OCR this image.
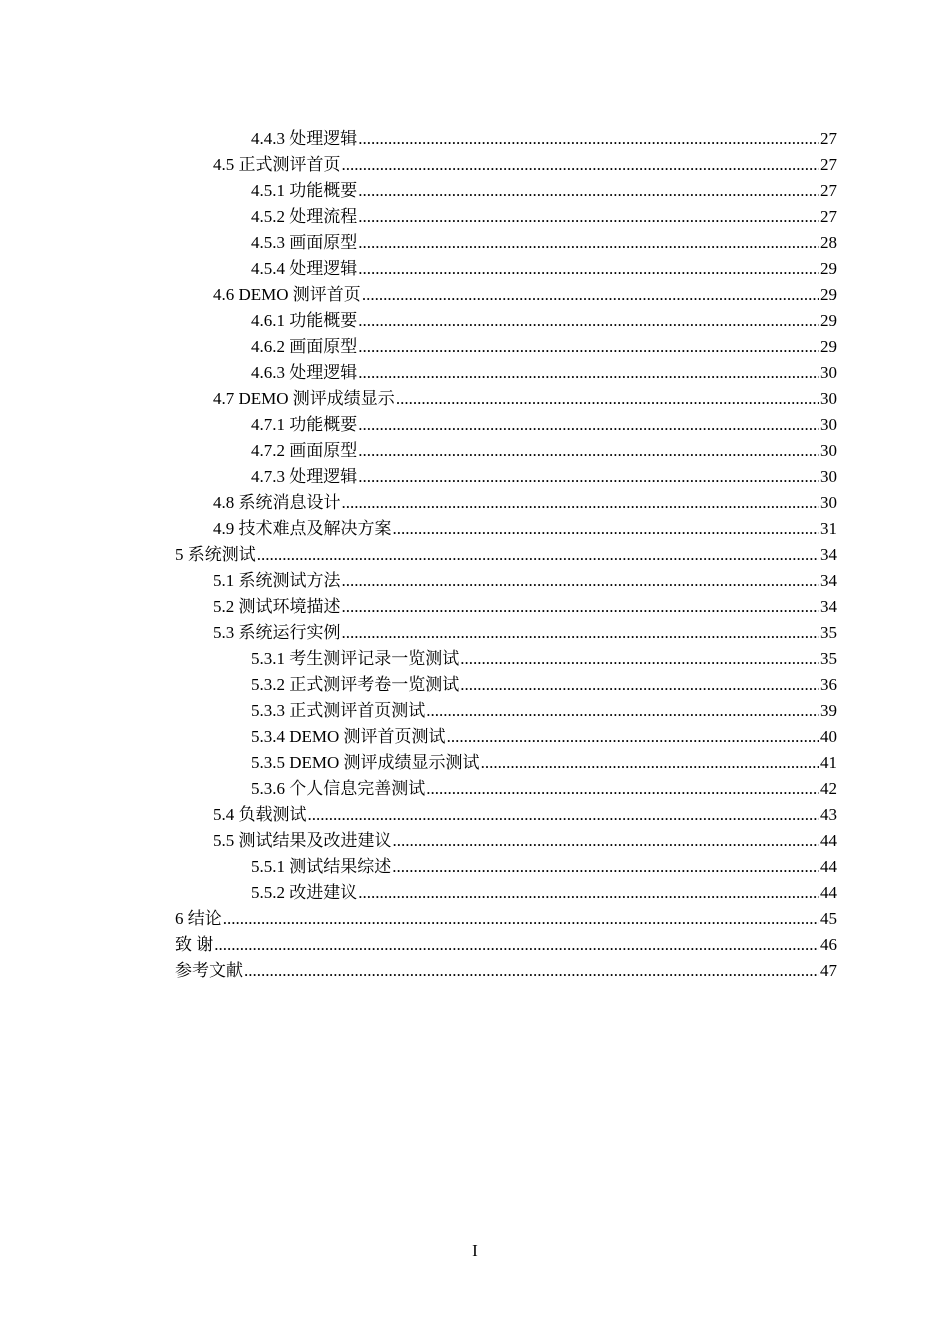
4.4.3 处理逻辑 .....	27
4.5 正式测评首页 .....	27
4.5.1 功能概要 .....	27
4.5.2 处理流程 .....	27
4.5.3 画面原型 .....	28
4.5.4 处理逻辑 .....	29
4.6 DEMO 测评首页 .....	29
4.6.1 功能概要 .....	29
4.6.2 画面原型 .....	29
4.6.3 处理逻辑 .....	30
4.7 DEMO 测评成绩显示 .....	30
4.7.1 功能概要 .....	30
4.7.2 画面原型 .....	30
4.7.3 处理逻辑 .....	30
4.8 系统消息设计 .....	30
4.9 技术难点及解决方案 .....	31
5 系统测试 .....	34
5.1 系统测试方法 .....	34
5.2 测试环境描述 .....	34
5.3 系统运行实例 .....	35
5.3.1 考生测评记录一览测试 .....	35
5.3.2 正式测评考卷一览测试 .....	36
5.3.3 正式测评首页测试 .....	39
5.3.4 DEMO 测评首页测试 .....	40
5.3.5 DEMO 测评成绩显示测试 .....	41
5.3.6 个人信息完善测试 .....	42
5.4 负载测试 .....	43
5.5 测试结果及改进建议 .....	44
5.5.1 测试结果综述 .....	44
5.5.2 改进建议 .....	44
6 结论 .....	45
致 谢 .....	46
参考文献 .....	47
I
